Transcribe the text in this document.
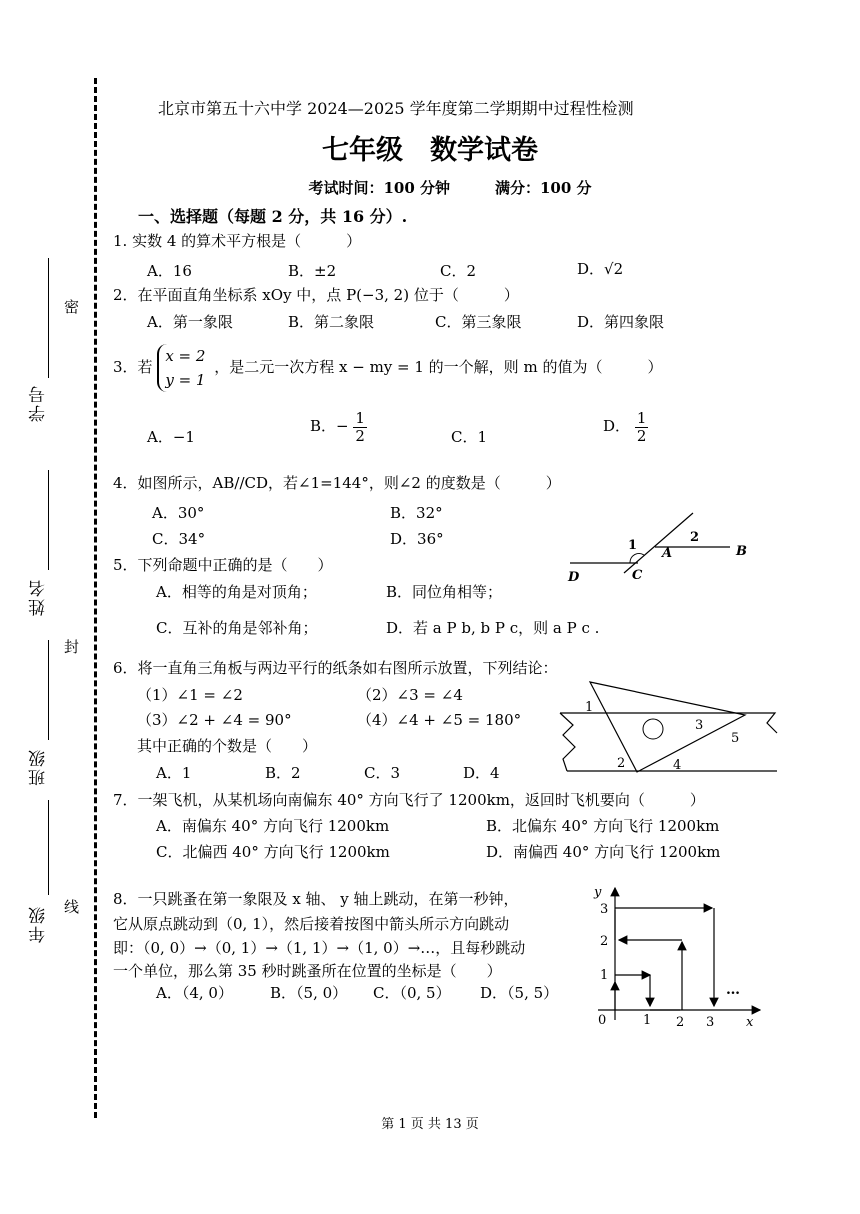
密
封
线
学号
姓名
班级
年级
北京市第五十六中学 2024—2025 学年度第二学期期中过程性检测
七年级　数学试卷
考试时间：100 分钟　　　满分：100 分
一、选择题（每题 2 分，共 16 分）.
1. 实数 4 的算术平方根是（　　　）
A．16	B．±2	C．2	D．√2
2．在平面直角坐标系 xOy 中，点 P(−3, 2) 位于（　　　）
A．第一象限	B．第二象限	C．第三象限	D．第四象限
3．若
x = 2
y = 1
，是二元一次方程 x − my = 1 的一个解，则 m 的值为（　　　）
A．−1
B．− $\frac{1}{2}$	C．1
D． $\frac{1}{2}$
4．如图所示，AB//CD，若∠1=144°，则∠2 的度数是（　　　）
A．30°	B．32°
C．34°	D．36°	1
2
A	B
C
D
5．下列命题中正确的是（　　）
A．相等的角是对顶角；	B．同位角相等；
C．互补的角是邻补角；	D．若 a P b, b P c，则 a P c .
6．将一直角三角板与两边平行的纸条如右图所示放置，下列结论：
（1）∠1 = ∠2	（2）∠3 = ∠4
（3）∠2 + ∠4 = 90°	（4）∠4 + ∠5 = 180°
其中正确的个数是（　　）
A．1	B．2	C．3	D．4
1
2
3
4
5
7．一架飞机，从某机场向南偏东 40° 方向飞行了 1200km，返回时飞机要向（　　　）
A．南偏东 40° 方向飞行 1200km	B．北偏东 40° 方向飞行 1200km
C．北偏西 40° 方向飞行 1200km	D．南偏西 40° 方向飞行 1200km
8．一只跳蚤在第一象限及 x 轴、 y 轴上跳动，在第一秒钟，
它从原点跳动到（0, 1），然后接着按图中箭头所示方向跳动
即：（0, 0）→（0, 1）→（1, 1）→（1, 0）→…，且每秒跳动
一个单位，那么第 35 秒时跳蚤所在位置的坐标是（　　）
A．（4, 0） B．（5, 0） C．（0, 5） D．（5, 5）
y
x
0	1 2 3
1
2
3
…
第 1 页 共 13 页
